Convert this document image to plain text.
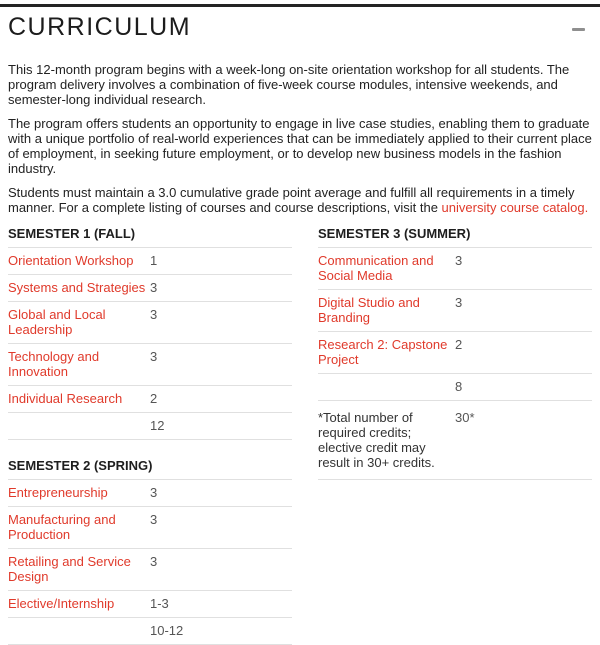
CURRICULUM

This 12-month program begins with a week-long on-site orientation workshop for all students. The program delivery involves a combination of five-week course modules, intensive weekends, and semester-long individual research.

The program offers students an opportunity to engage in live case studies, enabling them to graduate with a unique portfolio of real-world experiences that can be immediately applied to their current place of employment, in seeking future employment, or to develop new business models in the fashion industry.

Students must maintain a 3.0 cumulative grade point average and fulfill all requirements in a timely manner. For a complete listing of courses and course descriptions, visit the university course catalog.

SEMESTER 1 (FALL)	
Orientation Workshop	1
Systems and Strategies	3
Global and Local Leadership	3
Technology and Innovation	3
Individual Research	2
	12
SEMESTER 2 (SPRING)	
Entrepreneurship	3
Manufacturing and Production	3
Retailing and Service Design	3
Elective/Internship	1-3
	10-12
SEMESTER 3 (SUMMER)	
Communication and Social Media	3
Digital Studio and Branding	3
Research 2: Capstone Project	2
	8
*Total number of required credits; elective credit may result in 30+ credits.	30*
